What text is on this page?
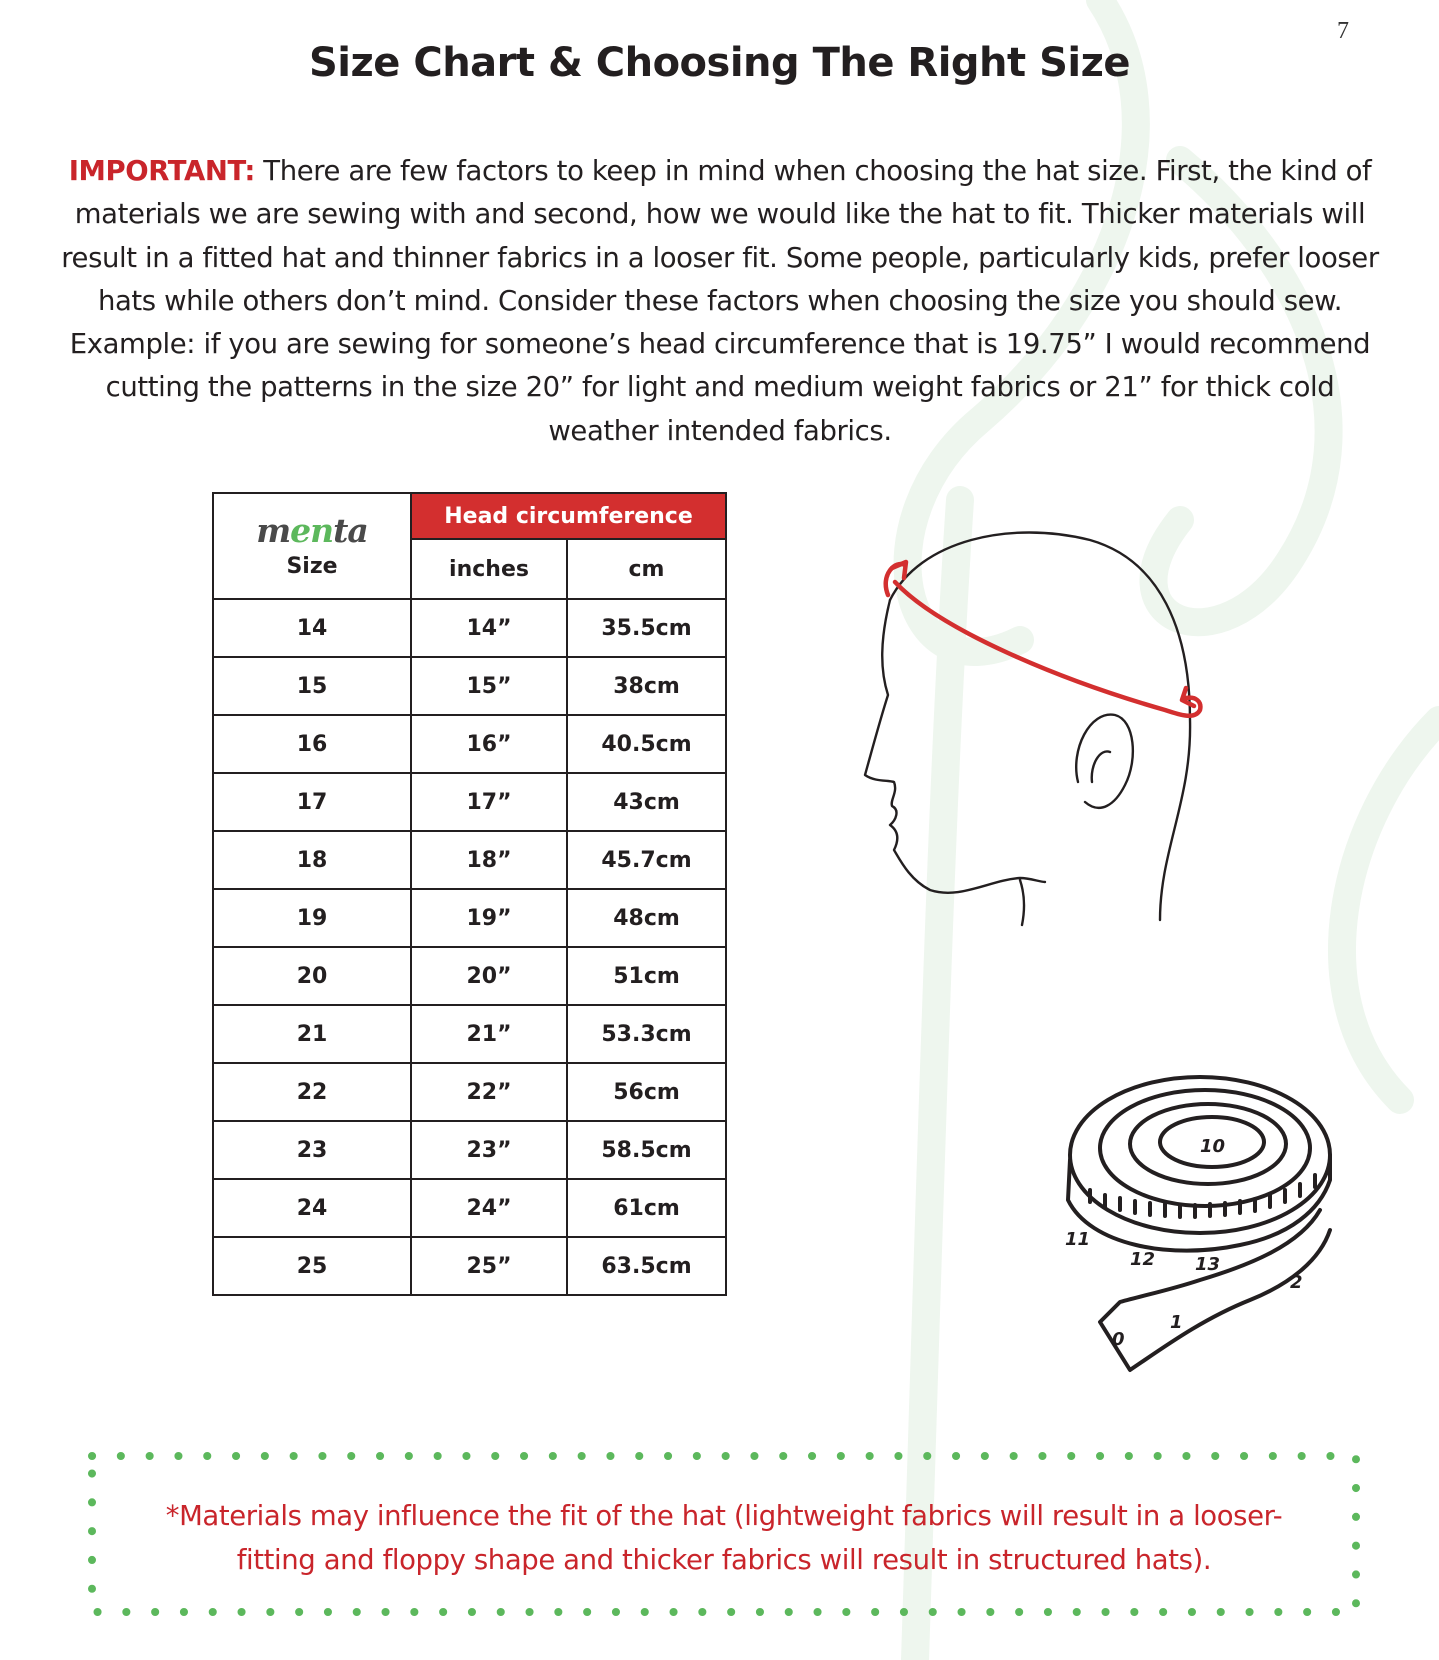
7
Size Chart & Choosing The Right Size

IMPORTANT: There are few factors to keep in mind when choosing the hat size. First, the kind of materials we are sewing with and second, how we would like the hat to fit. Thicker materials will result in a fitted hat and thinner fabrics in a looser fit. Some people, particularly kids, prefer looser hats while others don’t mind. Consider these factors when choosing the size you should sew. Example: if you are sewing for someone’s head circumference that is 19.75” I would recommend cutting the patterns in the size 20” for light and medium weight fabrics or 21” for thick cold weather intended fabrics.

menta
Size	Head circumference	
	inches	cm
14	14”	35.5cm
15	15”	38cm
16	16”	40.5cm
17	17”	43cm
18	18”	45.7cm
19	19”	48cm
20	20”	51cm
21	21”	53.3cm
22	22”	56cm
23	23”	58.5cm
24	24”	61cm
25	25”	63.5cm
11
12 13
0
1
2
10

*Materials may influence the fit of the hat (lightweight fabrics will result in a looser-fitting and floppy shape and thicker fabrics will result in structured hats).
